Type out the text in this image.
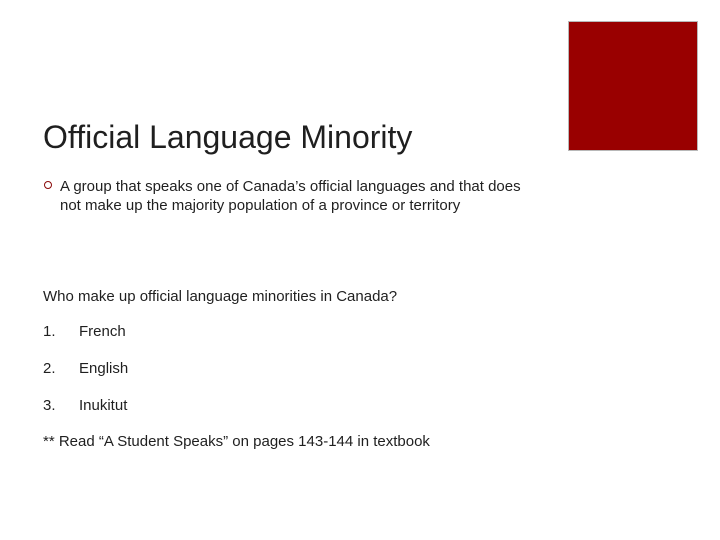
Official Language Minority
A group that speaks one of Canada’s official languages and that does not make up the majority population of a province or territory
Who make up official language minorities in Canada?
1. French
2. English
3. Inukitut
** Read “A Student Speaks” on pages 143-144 in textbook
